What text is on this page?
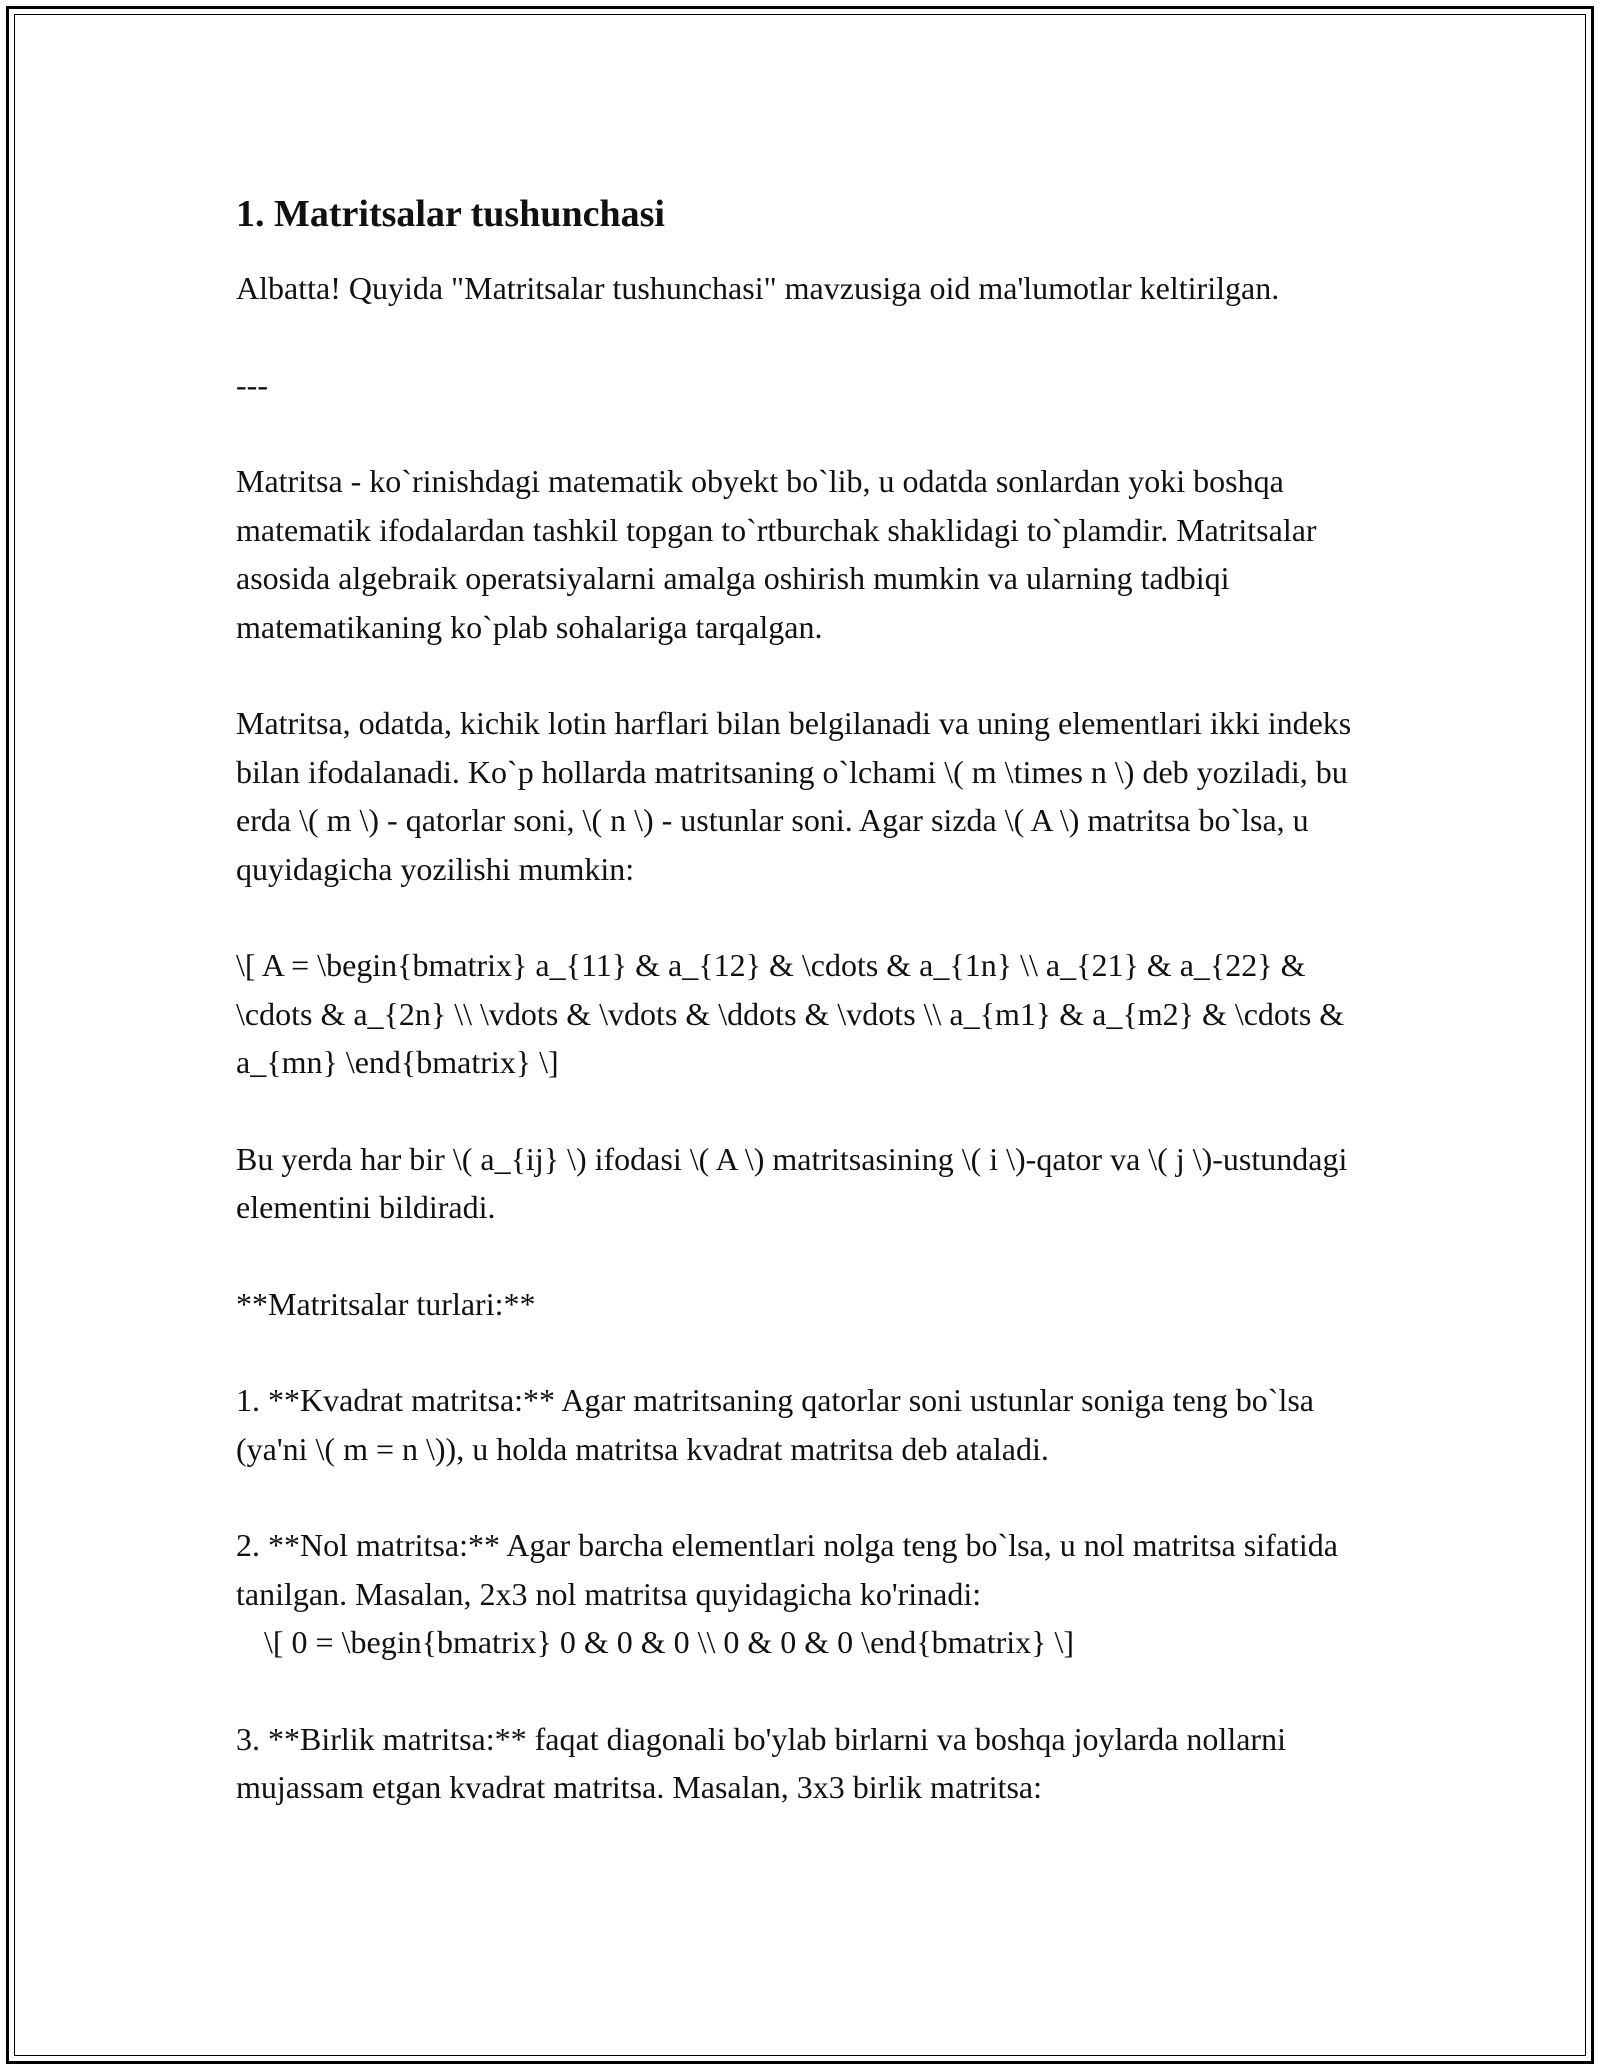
1. Matritsalar tushunchasi

Albatta! Quyida "Matritsalar tushunchasi" mavzusiga oid ma'lumotlar keltirilgan.

---

Matritsa - ko`rinishdagi matematik obyekt bo`lib, u odatda sonlardan yoki boshqa matematik ifodalardan tashkil topgan to`rtburchak shaklidagi to`plamdir. Matritsalar asosida algebraik operatsiyalarni amalga oshirish mumkin va ularning tadbiqi matematikaning ko`plab sohalariga tarqalgan.

Matritsa, odatda, kichik lotin harflari bilan belgilanadi va uning elementlari ikki indeks bilan ifodalanadi. Ko`p hollarda matritsaning o`lchami \( m \times n \) deb yoziladi, bu erda \( m \) - qatorlar soni, \( n \) - ustunlar soni. Agar sizda \( A \) matritsa bo`lsa, u quyidagicha yozilishi mumkin:

\[ A = \begin{bmatrix} a_{11} & a_{12} & \cdots & a_{1n} \\ a_{21} & a_{22} & \cdots & a_{2n} \\ \vdots & \vdots & \ddots & \vdots \\ a_{m1} & a_{m2} & \cdots & a_{mn} \end{bmatrix} \]

Bu yerda har bir \( a_{ij} \) ifodasi \( A \) matritsasining \( i \)-qator va \( j \)-ustundagi elementini bildiradi.

**Matritsalar turlari:**

1. **Kvadrat matritsa:** Agar matritsaning qatorlar soni ustunlar soniga teng bo`lsa (ya'ni \( m = n \)), u holda matritsa kvadrat matritsa deb ataladi.

2. **Nol matritsa:** Agar barcha elementlari nolga teng bo`lsa, u nol matritsa sifatida tanilgan. Masalan, 2x3 nol matritsa quyidagicha ko'rinadi:

\[ 0 = \begin{bmatrix} 0 & 0 & 0 \\ 0 & 0 & 0 \end{bmatrix} \]

3. **Birlik matritsa:** faqat diagonali bo'ylab birlarni va boshqa joylarda nollarni mujassam etgan kvadrat matritsa. Masalan, 3x3 birlik matritsa:
